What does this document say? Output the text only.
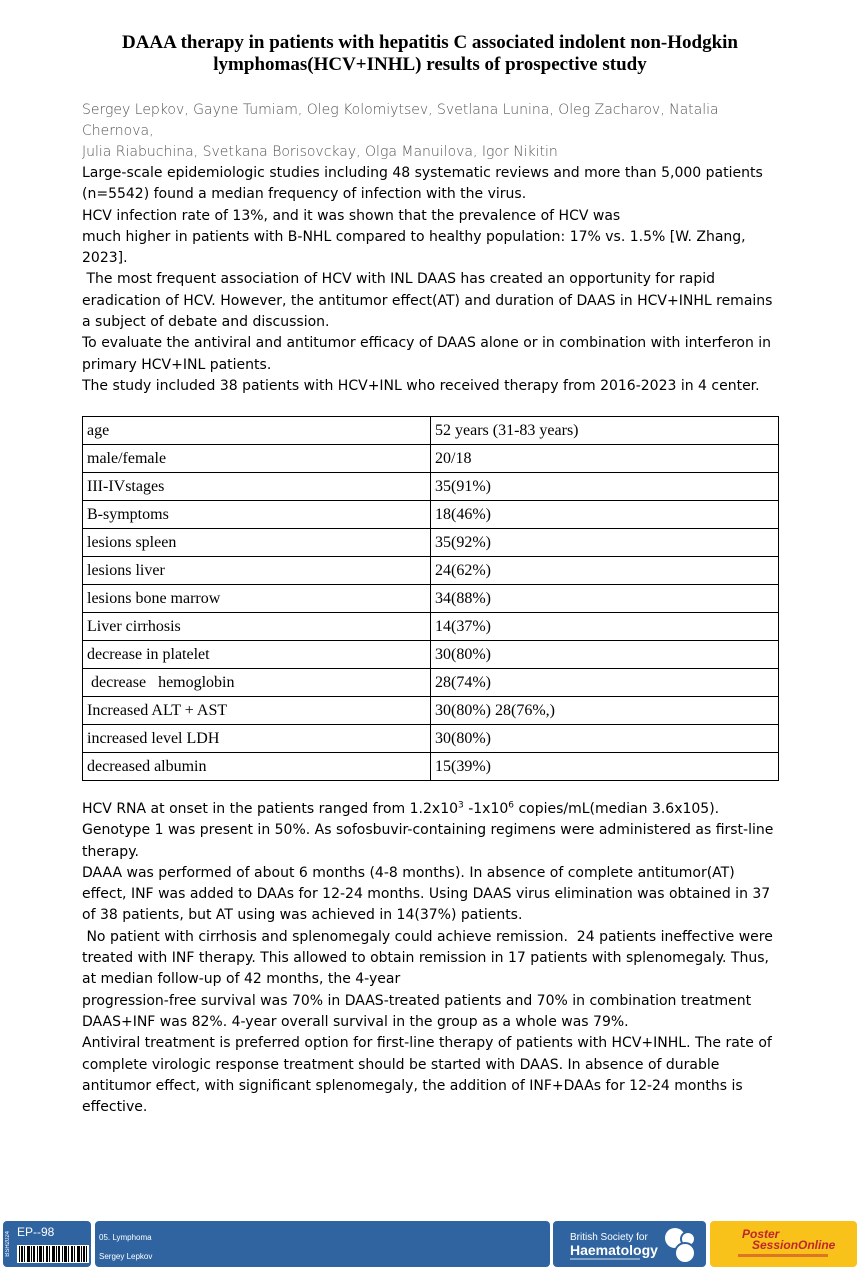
DAAA therapy in patients with hepatitis C associated indolent non-Hodgkin lymphomas(HCV+INHL) results of prospective study
Sergey Lepkov, Gayne Tumiam, Oleg Kolomiytsev, Svetlana Lunina, Oleg Zacharov, Natalia Chernova,
Julia Riabuchina, Svetkana Borisovckay, Olga Manuilova, Igor Nikitin

Large-scale epidemiologic studies including 48 systematic reviews and more than 5,000 patients (n=5542) found a median frequency of infection with the virus.

HCV infection rate of 13%, and it was shown that the prevalence of HCV was

much higher in patients with B-NHL compared to healthy population: 17% vs. 1.5% [W. Zhang, 2023].

The most frequent association of HCV with INL DAAS has created an opportunity for rapid eradication of HCV. However, the antitumor effect(AT) and duration of DAAS in HCV+INHL remains a subject of debate and discussion.

To evaluate the antiviral and antitumor efficacy of DAAS alone or in combination with interferon in primary HCV+INL patients.

The study included 38 patients with HCV+INL who received therapy from 2016-2023 in 4 center.

age	52 years (31-83 years)
male/female	20/18
III-IVstages	35(91%)
B-symptoms	18(46%)
lesions spleen	35(92%)
lesions liver	24(62%)
lesions bone marrow	34(88%)
Liver cirrhosis	14(37%)
decrease in platelet	30(80%)
decrease   hemoglobin	28(74%)
Increased ALT + AST	30(80%) 28(76%,)
increased level LDH	30(80%)
decreased albumin	15(39%)

HCV RNA at onset in the patients ranged from $1.2x10^3$ $-1x10^6$ copies/mL(median 3.6x105).

Genotype 1 was present in 50%. As sofosbuvir-containing regimens were administered as first-line therapy.

DAAA was performed of about 6 months (4-8 months). In absence of complete antitumor(AT) effect, INF was added to DAAs for 12-24 months. Using DAAS virus elimination was obtained in 37 of 38 patients, but AT using was achieved in 14(37%) patients.

No patient with cirrhosis and splenomegaly could achieve remission.  24 patients ineffective were treated with INF therapy. This allowed to obtain remission in 17 patients with splenomegaly. Thus, at median follow-up of 42 months, the 4-year

progression-free survival was 70% in DAAS-treated patients and 70% in combination treatment DAAS+INF was 82%. 4-year overall survival in the group as a whole was 79%.

Antiviral treatment is preferred option for first-line therapy of patients with HCV+INHL. The rate of complete virologic response treatment should be started with DAAS. In absence of durable antitumor effect, with significant splenomegaly, the addition of INF+DAAs for 12-24 months is effective.

BSH2024 EP--98	05. Lymphoma
Sergey Lepkov
British Society for
Haematology
Poster
SessionOnline
